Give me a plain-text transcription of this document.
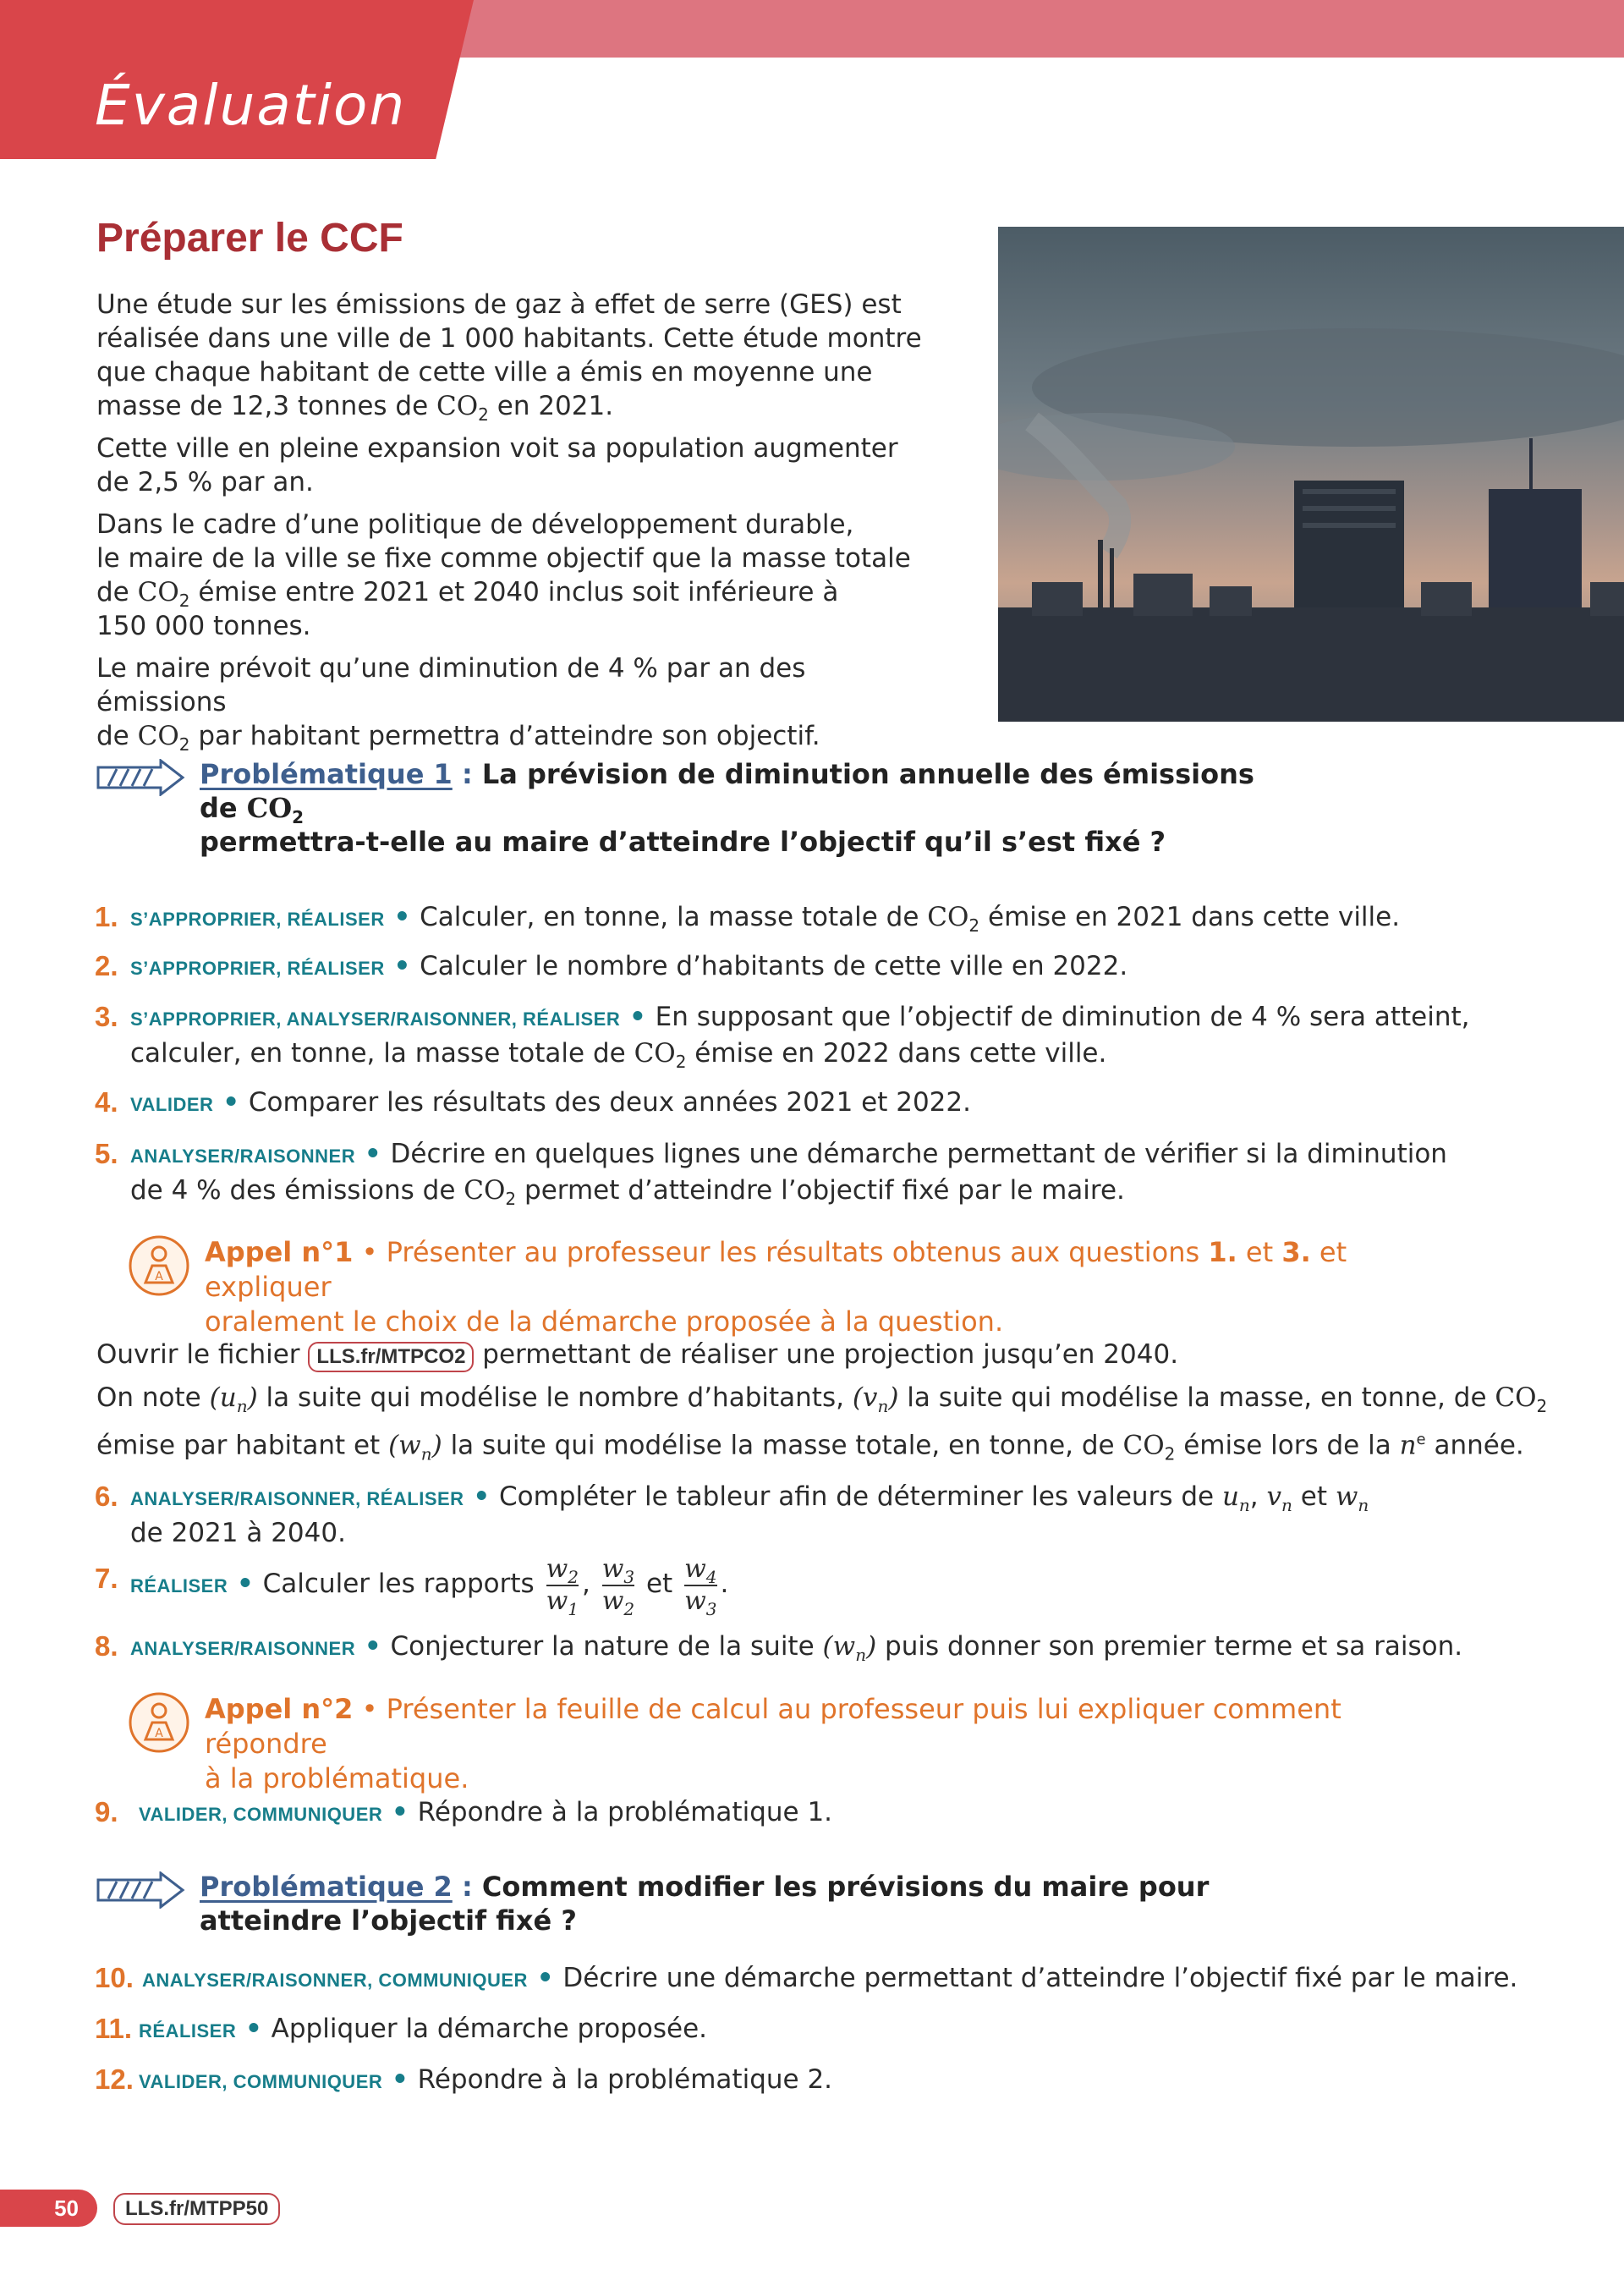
Évaluation
Préparer le CCF

Une étude sur les émissions de gaz à effet de serre (GES) est
réalisée dans une ville de 1 000 habitants. Cette étude montre
que chaque habitant de cette ville a émis en moyenne une
masse de 12,3 tonnes de $CO_2$ en 2021.

Cette ville en pleine expansion voit sa population augmenter
de 2,5 % par an.

Dans le cadre d’une politique de développement durable,
le maire de la ville se fixe comme objectif que la masse totale
de $CO_2$ émise entre 2021 et 2040 inclus soit inférieure à
150 000 tonnes.

Le maire prévoit qu’une diminution de 4 % par an des émissions
de $CO_2$ par habitant permettra d’atteindre son objectif.

Problématique 1 : La prévision de diminution annuelle des émissions de $CO_2$
permettra-t-elle au maire d’atteindre l’objectif qu’il s’est fixé ?
1. S’APPROPRIER, RÉALISER • Calculer, en tonne, la masse totale de $CO_2$ émise en 2021 dans cette ville.
2. S’APPROPRIER, RÉALISER • Calculer le nombre d’habitants de cette ville en 2022.
3. S’APPROPRIER, ANALYSER/RAISONNER, RÉALISER • En supposant que l’objectif de diminution de 4 % sera atteint,
calculer, en tonne, la masse totale de $CO_2$ émise en 2022 dans cette ville.
4. VALIDER • Comparer les résultats des deux années 2021 et 2022.
5. ANALYSER/RAISONNER • Décrire en quelques lignes une démarche permettant de vérifier si la diminution
de 4 % des émissions de $CO_2$ permet d’atteindre l’objectif fixé par le maire.
A
Appel n°1 • Présenter au professeur les résultats obtenus aux questions 1. et 3. et expliquer
oralement le choix de la démarche proposée à la question.
Ouvrir le fichier LLS.fr/MTPCO2 permettant de réaliser une projection jusqu’en 2040.
On note $(u_n)$ la suite qui modélise le nombre d’habitants, $(v_n)$ la suite qui modélise la masse, en tonne, de $CO_2$
émise par habitant et $(w_n)$ la suite qui modélise la masse totale, en tonne, de $CO_2$ émise lors de la $n^e$ année.
6. ANALYSER/RAISONNER, RÉALISER • Compléter le tableur afin de déterminer les valeurs de $u_n$, $v_n$ et $w_n$
de 2021 à 2040.
7. RÉALISER • Calculer les rapports $\frac{w_2}{w_1}$ , $\frac{w_3}{w_2}$ et $\frac{w_4}{w_3}$ .
8. ANALYSER/RAISONNER • Conjecturer la nature de la suite $(w_n)$ puis donner son premier terme et sa raison.
A
Appel n°2 • Présenter la feuille de calcul au professeur puis lui expliquer comment répondre
à la problématique.
9. VALIDER, COMMUNIQUER • Répondre à la problématique 1.
Problématique 2 : Comment modifier les prévisions du maire pour atteindre l’objectif fixé ?
10. ANALYSER/RAISONNER, COMMUNIQUER • Décrire une démarche permettant d’atteindre l’objectif fixé par le maire.
11. RÉALISER • Appliquer la démarche proposée.
12. VALIDER, COMMUNIQUER • Répondre à la problématique 2.
50	LLS.fr/MTPP50
